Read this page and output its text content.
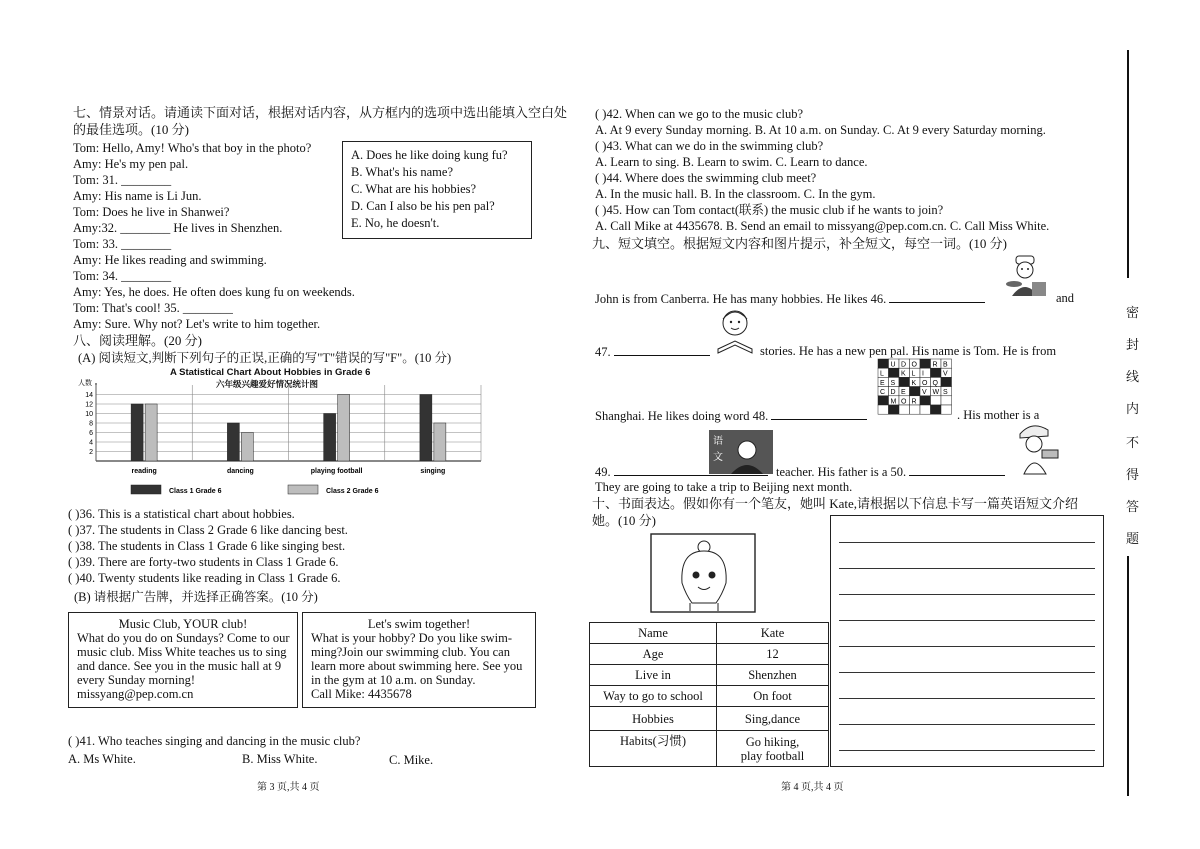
七、情景对话。请通读下面对话，根据对话内容，从方框内的选项中选出能填入空白处
的最佳选项。(10 分)
Tom: Hello, Amy! Who's that boy in the photo?
Amy: He's my pen pal.
Tom: 31. ________
Amy: His name is Li Jun.
Tom: Does he live in Shanwei?
Amy:32. ________ He lives in Shenzhen.
Tom: 33. ________
Amy: He likes reading and swimming.
Tom: 34. ________
Amy: Yes, he does. He often does kung fu on weekends.
Tom: That's cool! 35. ________
Amy: Sure. Why not? Let's write to him together.
A. Does he like doing kung fu?
B. What's his name?
C. What are his hobbies?
D. Can I also be his pen pal?
E. No, he doesn't.
八、阅读理解。(20 分)
(A) 阅读短文,判断下列句子的正误,正确的写"T"错误的写"F"。(10 分)
A Statistical Chart About Hobbies in Grade 6
六年级兴趣爱好情况统计图
人数
2
4
6
8
10
12
14
reading	dancing	playing football	singing
Class 1 Grade 6	Class 2 Grade 6
( )36. This is a statistical chart about hobbies.
( )37. The students in Class 2 Grade 6 like dancing best.
( )38. The students in Class 1 Grade 6 like singing best.
( )39. There are forty-two students in Class 1 Grade 6.
( )40. Twenty students like reading in Class 1 Grade 6.
(B) 请根据广告牌，并选择正确答案。(10 分)
Music Club, YOUR club!
What do you do on Sundays? Come to our
music club. Miss White teaches us to sing
and dance. See you in the music hall at 9
every Sunday morning!
missyang@pep.com.cn
Let's swim together!
What is your hobby? Do you like swim-
ming?Join our swimming club. You can
learn more about swimming here. See you
in the gym at 10 a.m. on Sunday.
Call Mike: 4435678
( )41. Who teaches singing and dancing in the music club?
A. Ms White.	B. Miss White.	C. Mike.
第 3 页,共 4 页
( )42. When can we go to the music club?
A. At 9 every Sunday morning. B. At 10 a.m. on Sunday. C. At 9 every Saturday morning.
( )43. What can we do in the swimming club?
A. Learn to sing. B. Learn to swim. C. Learn to dance.
( )44. Where does the swimming club meet?
A. In the music hall. B. In the classroom. C. In the gym.
( )45. How can Tom contact(联系) the music club if he wants to join?
A. Call Mike at 4435678. B. Send an email to missyang@pep.com.cn. C. Call Miss White.
九、短文填空。根据短文内容和图片提示，补全短文，每空一词。(10 分)
John is from Canberra. He has many hobbies. He likes 46.	and
47.	stories. He has a new pen pal. His name is Tom. He is from
U D O R B
L K L I	V
E S K O Q
C D E V W S
M O R
Shanghai. He likes doing word 48.	. His mother is a
语
文
49.	teacher. His father is a 50.
They are going to take a trip to Beijing next month.
十、书面表达。假如你有一个笔友，她叫 Kate,请根据以下信息卡写一篇英语短文介绍
她。(10 分)
Name	Kate
Age	12
Live in	Shenzhen
Way to go to school	On foot
Hobbies	Sing,dance
Habits(习惯)	Go hiking,
play football
第 4 页,共 4 页
密
封
线
内
不
得
答
题
